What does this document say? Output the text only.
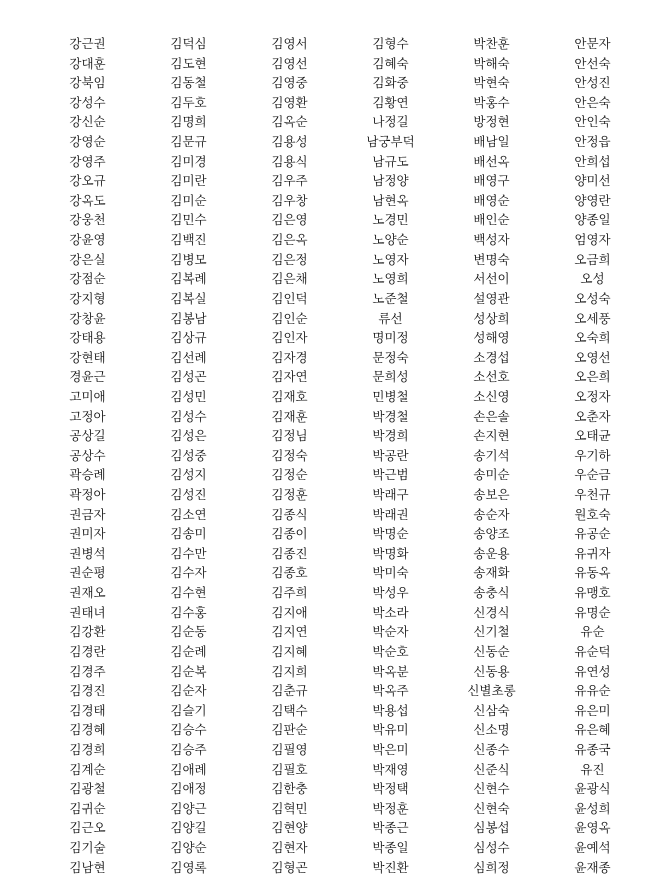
강근권
강대훈
강북임
강성수
강신순
강영순
강영주
강오규
강옥도
강웅천
강윤영
강은실
강점순
강지형
강창윤
강태용
강현태
경윤근
고미애
고정아
공상길
공상수
곽승례
곽정아
권금자
권미자
권병석
권순평
권재오
권태녀
김강환
김경란
김경주
김경진
김경태
김경혜
김경희
김계순
김광철
김귀순
김근오
김기술
김남현
김덕심
김도현
김동철
김두호
김명희
김문규
김미경
김미란
김미순
김민수
김백진
김병모
김복례
김복실
김봉남
김상규
김선례
김성곤
김성민
김성수
김성은
김성중
김성지
김성진
김소연
김송미
김수만
김수자
김수현
김수홍
김순동
김순례
김순복
김순자
김슬기
김승수
김승주
김애례
김애정
김양근
김양길
김양순
김영록
김영서
김영선
김영중
김영환
김옥순
김용성
김용식
김우주
김우창
김은영
김은옥
김은정
김은채
김인덕
김인순
김인자
김자경
김자연
김재호
김재훈
김정님
김정숙
김정순
김정훈
김종식
김종이
김종진
김종호
김주희
김지애
김지연
김지혜
김지희
김춘규
김택수
김판순
김필영
김필호
김한충
김혁민
김현양
김현자
김형곤
김형수
김혜숙
김화중
김황연
나정길
남궁부덕
남규도
남정양
남현옥
노경민
노양순
노영자
노영희
노준철
류선
명미정
문정숙
문희성
민병철
박경철
박경희
박공란
박근범
박래구
박래권
박명순
박명화
박미숙
박성우
박소라
박순자
박순호
박옥분
박옥주
박용섭
박유미
박은미
박재영
박정택
박정훈
박종근
박종일
박진환
박찬훈
박해숙
박현숙
박홍수
방정현
배남일
배선옥
배영구
배영순
배인순
백성자
변명숙
서선이
설영관
성상희
성해영
소경섭
소선호
소신영
손은솔
손지현
송기석
송미순
송보은
송순자
송양조
송운용
송재화
송충식
신경식
신기철
신동순
신동용
신별초롱
신삼숙
신소명
신종수
신준식
신현수
신현숙
심봉섭
심성수
심희정
안문자
안선숙
안성진
안은숙
안인숙
안정읍
안희섭
양미선
양영란
양종일
엄영자
오금희
오성
오성숙
오세풍
오숙희
오영선
오은희
오정자
오춘자
오태균
우기하
우순금
우천규
원호숙
유공순
유귀자
유동옥
유맹호
유명순
유순
유순덕
유연성
유유순
유은미
유은혜
유종국
유진
윤광식
윤성희
윤영옥
윤예석
윤재종
